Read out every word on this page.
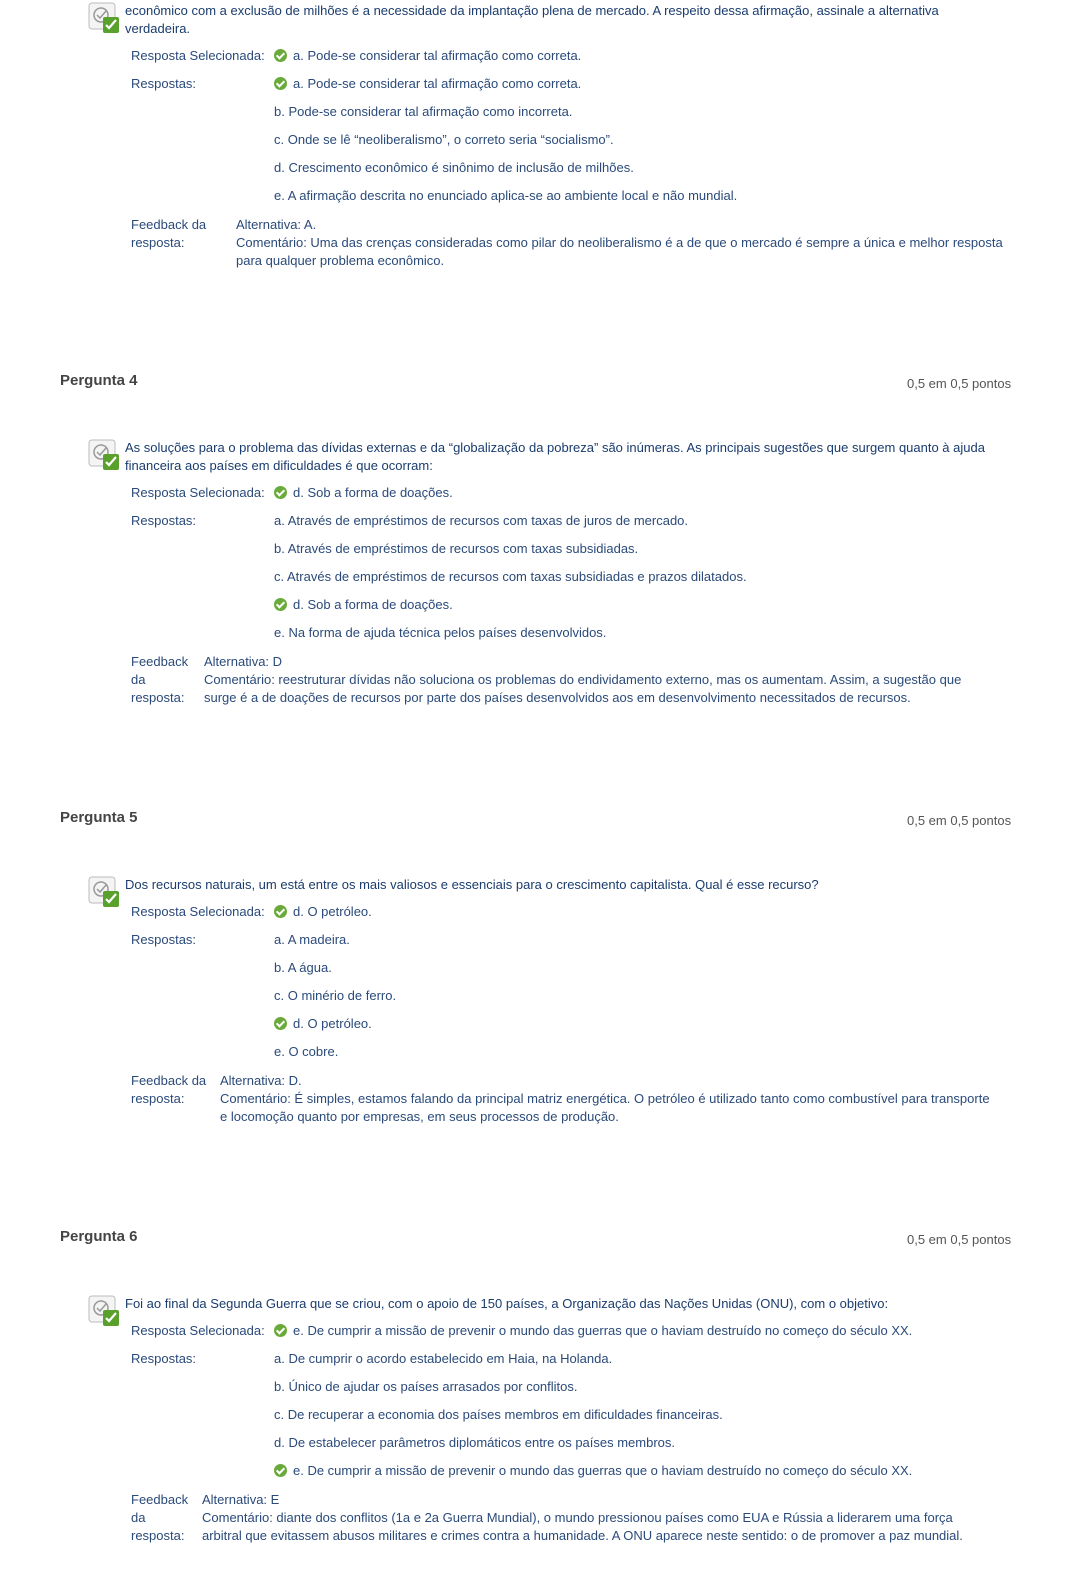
econômico com a exclusão de milhões é a necessidade da implantação plena de mercado. A respeito dessa afirmação, assinale a alternativa verdadeira.
Resposta Selecionada:	a. Pode-se considerar tal afirmação como correta.
Respostas:	a. Pode-se considerar tal afirmação como correta.
b. Pode-se considerar tal afirmação como incorreta.
c. Onde se lê “neoliberalismo”, o correto seria “socialismo”.
d. Crescimento econômico é sinônimo de inclusão de milhões.
e. A afirmação descrita no enunciado aplica-se ao ambiente local e não mundial.
Feedback da
resposta:
Alternativa: A.
Comentário: Uma das crenças consideradas como pilar do neoliberalismo é a de que o mercado é sempre a única e melhor resposta para qualquer problema econômico.
Pergunta 4	0,5 em 0,5 pontos
As soluções para o problema das dívidas externas e da “globalização da pobreza” são inúmeras. As principais sugestões que surgem quanto à ajuda financeira aos países em dificuldades é que ocorram:
Resposta Selecionada:	d. Sob a forma de doações.
Respostas:	a. Através de empréstimos de recursos com taxas de juros de mercado.
b. Através de empréstimos de recursos com taxas subsidiadas.
c. Através de empréstimos de recursos com taxas subsidiadas e prazos dilatados.
d. Sob a forma de doações.
e. Na forma de ajuda técnica pelos países desenvolvidos.
Feedback
da
resposta:
Alternativa: D
Comentário: reestruturar dívidas não soluciona os problemas do endividamento externo, mas os aumentam. Assim, a sugestão que surge é a de doações de recursos por parte dos países desenvolvidos aos em desenvolvimento necessitados de recursos.
Pergunta 5	0,5 em 0,5 pontos
Dos recursos naturais, um está entre os mais valiosos e essenciais para o crescimento capitalista. Qual é esse recurso?
Resposta Selecionada:	d. O petróleo.
Respostas:	a. A madeira.
b. A água.
c. O minério de ferro.
d. O petróleo.
e. O cobre.
Feedback da
resposta:
Alternativa: D.
Comentário: É simples, estamos falando da principal matriz energética. O petróleo é utilizado tanto como combustível para transporte e locomoção quanto por empresas, em seus processos de produção.
Pergunta 6	0,5 em 0,5 pontos
Foi ao final da Segunda Guerra que se criou, com o apoio de 150 países, a Organização das Nações Unidas (ONU), com o objetivo:
Resposta Selecionada:	e. De cumprir a missão de prevenir o mundo das guerras que o haviam destruído no começo do século XX.
Respostas:	a. De cumprir o acordo estabelecido em Haia, na Holanda.
b. Único de ajudar os países arrasados por conflitos.
c. De recuperar a economia dos países membros em dificuldades financeiras.
d. De estabelecer parâmetros diplomáticos entre os países membros.
e. De cumprir a missão de prevenir o mundo das guerras que o haviam destruído no começo do século XX.
Feedback
da
resposta:
Alternativa: E
Comentário: diante dos conflitos (1a e 2a Guerra Mundial), o mundo pressionou países como EUA e Rússia a liderarem uma força arbitral que evitassem abusos militares e crimes contra a humanidade. A ONU aparece neste sentido: o de promover a paz mundial.
